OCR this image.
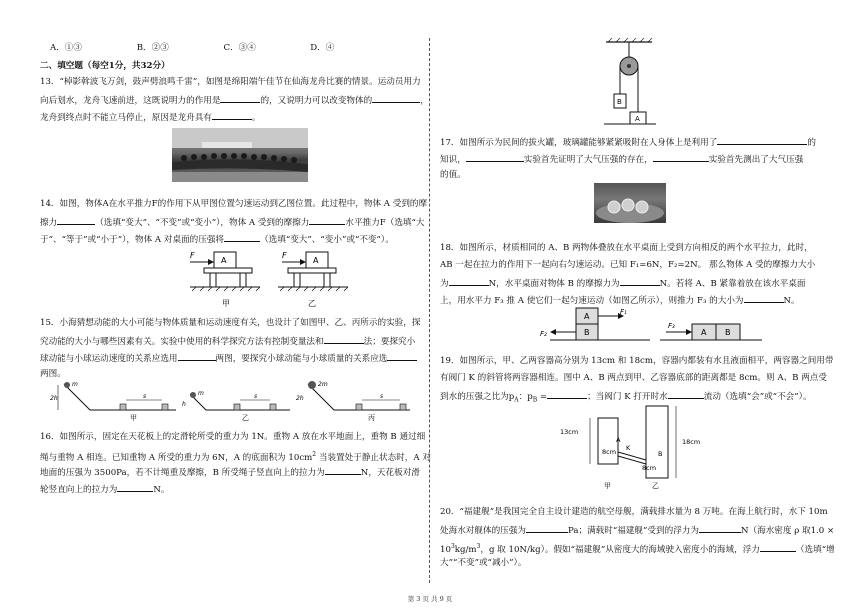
A．①③	B．②③	C．③④	D．④
二、填空题（每空1分，共32分）
13．“棹影斡波飞万剑，鼓声劈浪鸣千雷”，如图是绵阳端午佳节在仙海龙舟比赛的情景。运动员用力
向后划水，龙舟飞速前进，这既说明力的作用是	的，又说明力可以改变物体的	，
龙舟到终点时不能立马停止，原因是龙舟具有	。
14．如图，物体A在水平推力F的作用下从甲图位置匀速运动到乙图位置。此过程中，物体 A 受到的摩
擦力	（选填“变大”、“不变”或“变小”），物体 A 受到的摩擦力	水平推力F（选填“大
于”、“等于”或“小于”），物体 A 对桌面的压强将	（选填“变大”、“变小”或“不变”）。
F
A
甲
F
A
乙
15．小海猜想动能的大小可能与物体质量和运动速度有关，也设计了如图甲、乙、丙所示的实验，探
究动能的大小与哪些因素有关。实验中使用的科学探究方法有控制变量法和	法；要探究小
球动能与小球运动速度的关系应选用	两图，要探究小球动能与小球质量的关系应选
两图。
m
2h	s
甲
m
h
s
乙
2m
2h	s
丙
16．如图所示，固定在天花板上的定滑轮所受的重力为 1N。重物 A 放在水平地面上，重物 B 通过细
绳与重物 A 相连。已知重物 A 所受的重力为 6N，A 的底面积为 $10cm^2$ 当装置处于静止状态时，A 对
地面的压强为 3500Pa，若不计绳重及摩擦，B 所受绳子竖直向上的拉力为	N，天花板对滑
轮竖直向上的拉力为	N。
B
A
17．如图所示为民间的拔火罐，玻璃罐能够紧紧吸附在人身体上是利用了	的
知识，	实验首先证明了大气压强的存在，	实验首先测出了大气压强
的值。
18．如图所示，材质相同的 A、B 两物体叠放在水平桌面上受到方向相反的两个水平拉力，此时，
AB 一起在拉力的作用下一起向右匀速运动。已知 F₁=6N，F₂=2N。 那么物体 A 受的摩擦力大小
为	N，水平桌面对物体 B 的摩擦力为	N。若将 A、B 紧靠着放在该水平桌面
上，用水平力 F₃ 推 A 使它们一起匀速运动（如图乙所示），则推力 F₃ 的大小为	N。
A
B
F₁
F₂
F₃
A B
19．如图所示，甲、乙两容器高分别为 13cm 和 18cm，容器内都装有水且液面相平，两容器之间用带
有阀门 K 的斜管将两容器相连。图中 A、B 两点到甲、乙容器底部的距离都是 8cm。则 A、B 两点受
到水的压强之比为$p_A$：$p_B$ =	；当阀门 K 打开时水	流动（选填“会”或“不会”）。
13cm
K
A
8cm
8cm
B
18cm
甲	乙
20．“福建舰”是我国完全自主设计建造的航空母舰，满载排水量为 8 万吨。在海上航行时，水下 10m
处海水对舰体的压强为	Pa；满载时“福建舰”受到的浮力为	N（海水密度 ρ 取1.0 ×
$10^3kg/m^3$，g 取 10N/kg）。假如“福建舰”从密度大的海域驶入密度小的海域，浮力	（选填“增
大”“不变”或“减小”）。
第 3 页 共 9 页
